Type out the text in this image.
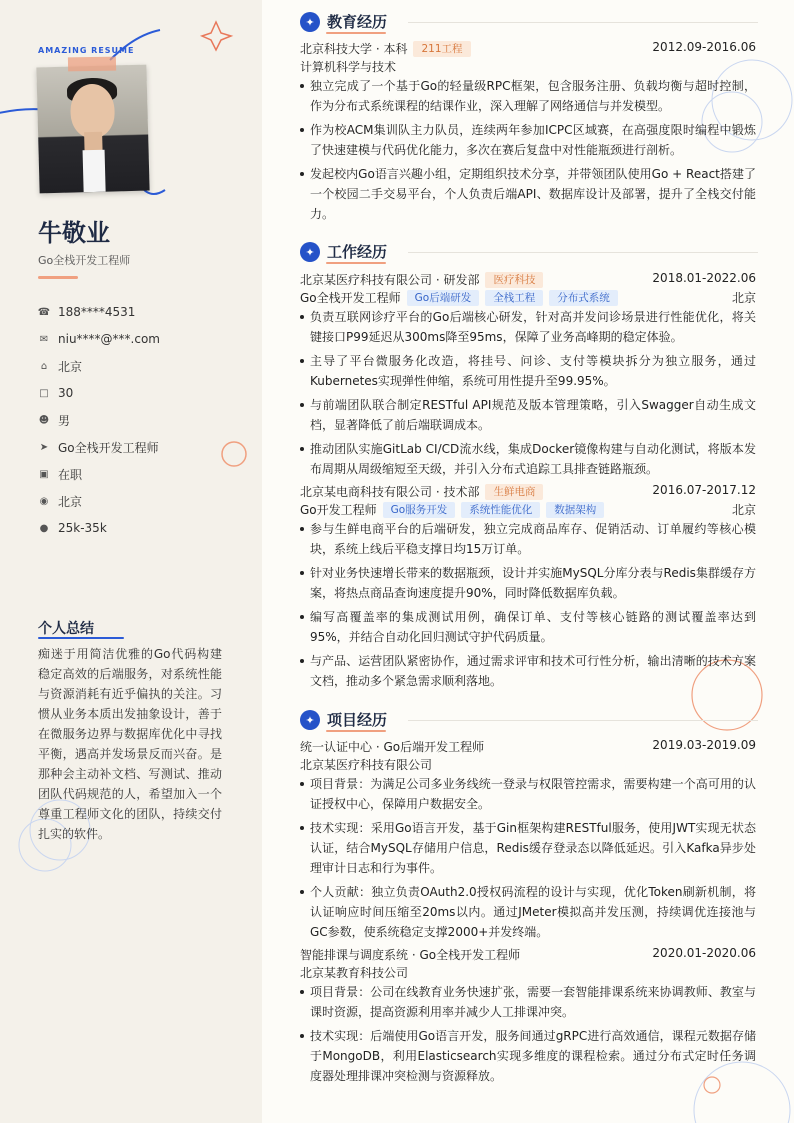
AMAZING RESUME
牛敬业
Go全栈开发工程师
☎ 188****4531
✉ niu****@***.com
⌂ 北京
□ 30
☻ 男
➤ Go全栈开发工程师
▣ 在职
◉ 北京
● 25k-35k
个人总结
痴迷于用简洁优雅的Go代码构建稳定高效的后端服务，对系统性能与资源消耗有近乎偏执的关注。习惯从业务本质出发抽象设计，善于在微服务边界与数据库优化中寻找平衡，遇高并发场景反而兴奋。是那种会主动补文档、写测试、推动团队代码规范的人，希望加入一个尊重工程师文化的团队，持续交付扎实的软件。
✦ 教育经历
北京科技大学 · 本科	211工程	2012.09-2016.06
计算机科学与技术
独立完成了一个基于Go的轻量级RPC框架，包含服务注册、负载均衡与超时控制，作为分布式系统课程的结课作业，深入理解了网络通信与并发模型。
作为校ACM集训队主力队员，连续两年参加ICPC区域赛，在高强度限时编程中锻炼了快速建模与代码优化能力，多次在赛后复盘中对性能瓶颈进行剖析。
发起校内Go语言兴趣小组，定期组织技术分享，并带领团队使用Go + React搭建了一个校园二手交易平台，个人负责后端API、数据库设计及部署，提升了全栈交付能力。
✦ 工作经历
北京某医疗科技有限公司 · 研发部	医疗科技	2018.01-2022.06
Go全栈开发工程师	Go后端研发	全栈工程	分布式系统	北京
负责互联网诊疗平台的Go后端核心研发，针对高并发问诊场景进行性能优化，将关键接口P99延迟从300ms降至95ms，保障了业务高峰期的稳定体验。
主导了平台微服务化改造，将挂号、问诊、支付等模块拆分为独立服务，通过Kubernetes实现弹性伸缩，系统可用性提升至99.95%。
与前端团队联合制定RESTful API规范及版本管理策略，引入Swagger自动生成文档，显著降低了前后端联调成本。
推动团队实施GitLab CI/CD流水线，集成Docker镜像构建与自动化测试，将版本发布周期从周级缩短至天级，并引入分布式追踪工具排查链路瓶颈。
北京某电商科技有限公司 · 技术部	生鲜电商	2016.07-2017.12
Go开发工程师	Go服务开发	系统性能优化	数据架构	北京
参与生鲜电商平台的后端研发，独立完成商品库存、促销活动、订单履约等核心模块，系统上线后平稳支撑日均15万订单。
针对业务快速增长带来的数据瓶颈，设计并实施MySQL分库分表与Redis集群缓存方案，将热点商品查询速度提升90%，同时降低数据库负载。
编写高覆盖率的集成测试用例，确保订单、支付等核心链路的测试覆盖率达到95%，并结合自动化回归测试守护代码质量。
与产品、运营团队紧密协作，通过需求评审和技术可行性分析，输出清晰的技术方案文档，推动多个紧急需求顺利落地。
✦ 项目经历
统一认证中心 · Go后端开发工程师	2019.03-2019.09
北京某医疗科技有限公司
项目背景：为满足公司多业务线统一登录与权限管控需求，需要构建一个高可用的认证授权中心，保障用户数据安全。
技术实现：采用Go语言开发，基于Gin框架构建RESTful服务，使用JWT实现无状态认证，结合MySQL存储用户信息，Redis缓存登录态以降低延迟。引入Kafka异步处理审计日志和行为事件。
个人贡献：独立负责OAuth2.0授权码流程的设计与实现，优化Token刷新机制，将认证响应时间压缩至20ms以内。通过JMeter模拟高并发压测，持续调优连接池与GC参数，使系统稳定支撑2000+并发终端。
智能排课与调度系统 · Go全栈开发工程师	2020.01-2020.06
北京某教育科技公司
项目背景：公司在线教育业务快速扩张，需要一套智能排课系统来协调教师、教室与课时资源，提高资源利用率并减少人工排课冲突。
技术实现：后端使用Go语言开发，服务间通过gRPC进行高效通信，课程元数据存储于MongoDB，利用Elasticsearch实现多维度的课程检索。通过分布式定时任务调度器处理排课冲突检测与资源释放。
